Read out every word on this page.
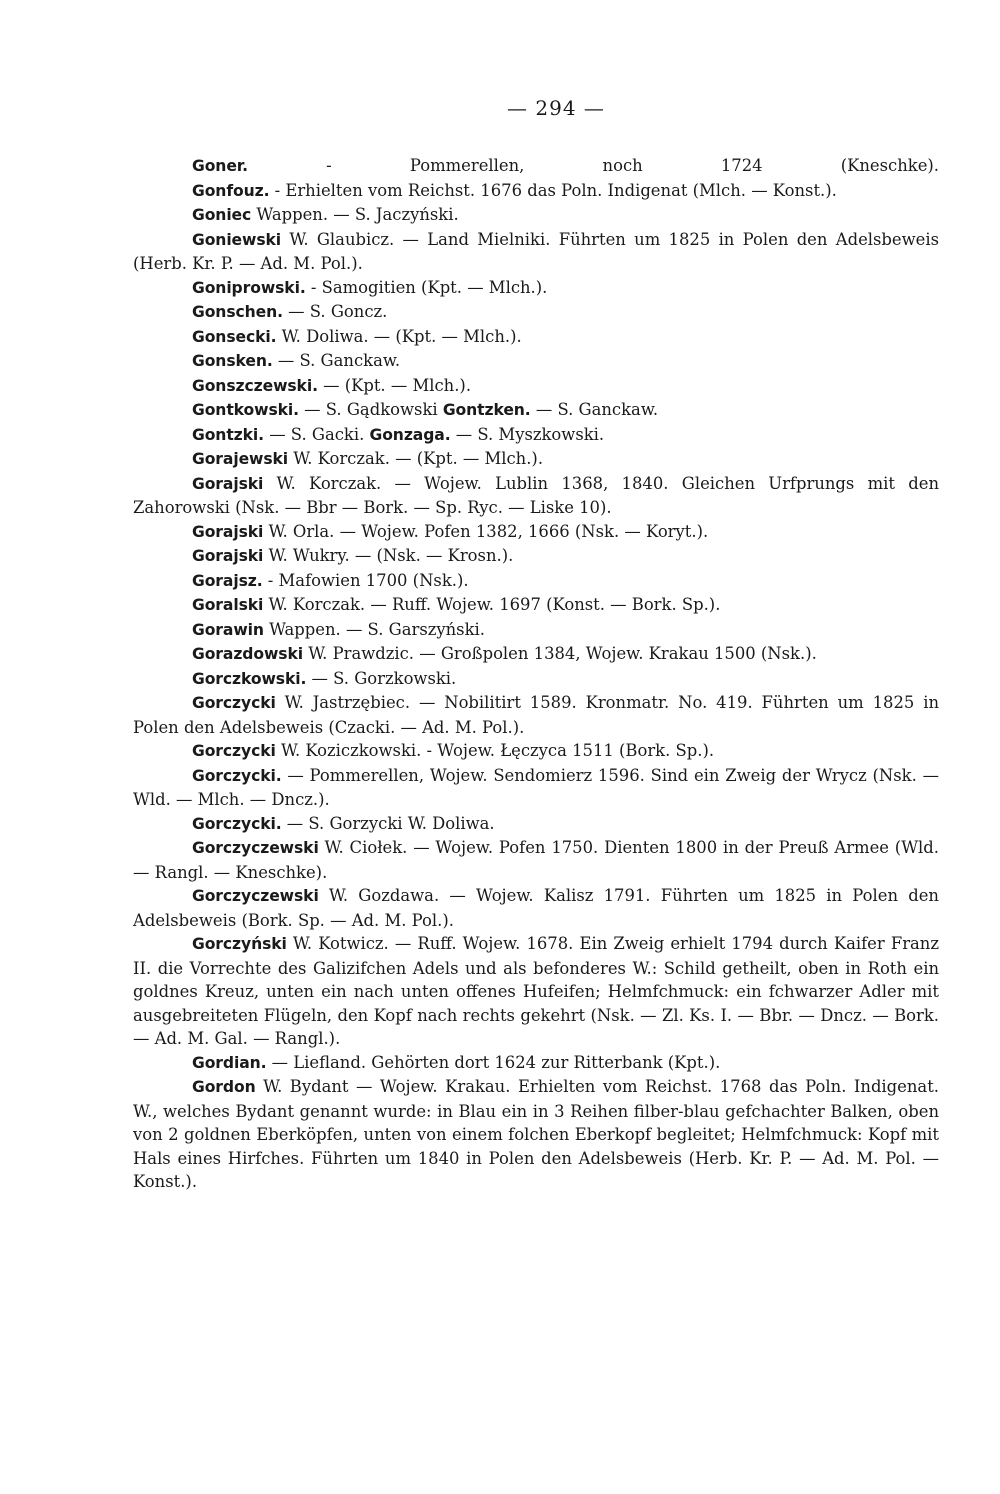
— 294 —
Goner. - Pommerellen, noch 1724 (Kneschke).
Gonfouz. - Erhielten vom Reichst. 1676 das Poln. Indigenat (Mlch. — Konst.).
Goniec Wappen. — S. Jaczyński.
Goniewski W. Glaubicz. — Land Mielniki. Führten um 1825 in Polen den Adelsbeweis (Herb. Kr. P. — Ad. M. Pol.).
Goniprowski. - Samogitien (Kpt. — Mlch.).
Gonschen. — S. Goncz.
Gonsecki. W. Doliwa. — (Kpt. — Mlch.).
Gonsken. — S. Ganckaw.
Gonszczewski. — (Kpt. — Mlch.).
Gontkowski. — S. Gądkowski Gontzken. — S. Ganckaw.
Gontzki. — S. Gacki. Gonzaga. — S. Myszkowski.
Gorajewski W. Korczak. — (Kpt. — Mlch.).
Gorajski W. Korczak. — Wojew. Lublin 1368, 1840. Gleichen Urfprungs mit den Zahorowski (Nsk. — Bbr — Bork. — Sp. Ryc. — Liske 10).
Gorajski W. Orla. — Wojew. Pofen 1382, 1666 (Nsk. — Koryt.).
Gorajski W. Wukry. — (Nsk. — Krosn.).
Gorajsz. - Mafowien 1700 (Nsk.).
Goralski W. Korczak. — Ruff. Wojew. 1697 (Konst. — Bork. Sp.).
Gorawin Wappen. — S. Garszyński.
Gorazdowski W. Prawdzic. — Großpolen 1384, Wojew. Krakau 1500 (Nsk.).
Gorczkowski. — S. Gorzkowski.
Gorczycki W. Jastrzębiec. — Nobilitirt 1589. Kronmatr. No. 419. Führten um 1825 in Polen den Adelsbeweis (Czacki. — Ad. M. Pol.).
Gorczycki W. Koziczkowski. - Wojew. Łęczyca 1511 (Bork. Sp.).
Gorczycki. — Pommerellen, Wojew. Sendomierz 1596. Sind ein Zweig der Wrycz (Nsk. — Wld. — Mlch. — Dncz.).
Gorczycki. — S. Gorzycki W. Doliwa.
Gorczyczewski W. Ciołek. — Wojew. Pofen 1750. Dienten 1800 in der Preuß Armee (Wld. — Rangl. — Kneschke).
Gorczyczewski W. Gozdawa. — Wojew. Kalisz 1791. Führten um 1825 in Polen den Adelsbeweis (Bork. Sp. — Ad. M. Pol.).
Gorczyński W. Kotwicz. — Ruff. Wojew. 1678. Ein Zweig erhielt 1794 durch Kaifer Franz II. die Vorrechte des Galizifchen Adels und als befonderes W.: Schild getheilt, oben in Roth ein goldnes Kreuz, unten ein nach unten offenes Hufeifen; Helmfchmuck: ein fchwarzer Adler mit ausgebreiteten Flügeln, den Kopf nach rechts gekehrt (Nsk. — Zl. Ks. I. — Bbr. — Dncz. — Bork. — Ad. M. Gal. — Rangl.).
Gordian. — Liefland. Gehörten dort 1624 zur Ritterbank (Kpt.).
Gordon W. Bydant — Wojew. Krakau. Erhielten vom Reichst. 1768 das Poln. Indigenat. W., welches Bydant genannt wurde: in Blau ein in 3 Reihen filber-blau gefchachter Balken, oben von 2 goldnen Eberköpfen, unten von einem folchen Eberkopf begleitet; Helmfchmuck: Kopf mit Hals eines Hirfches. Führten um 1840 in Polen den Adelsbeweis (Herb. Kr. P. — Ad. M. Pol. — Konst.).
